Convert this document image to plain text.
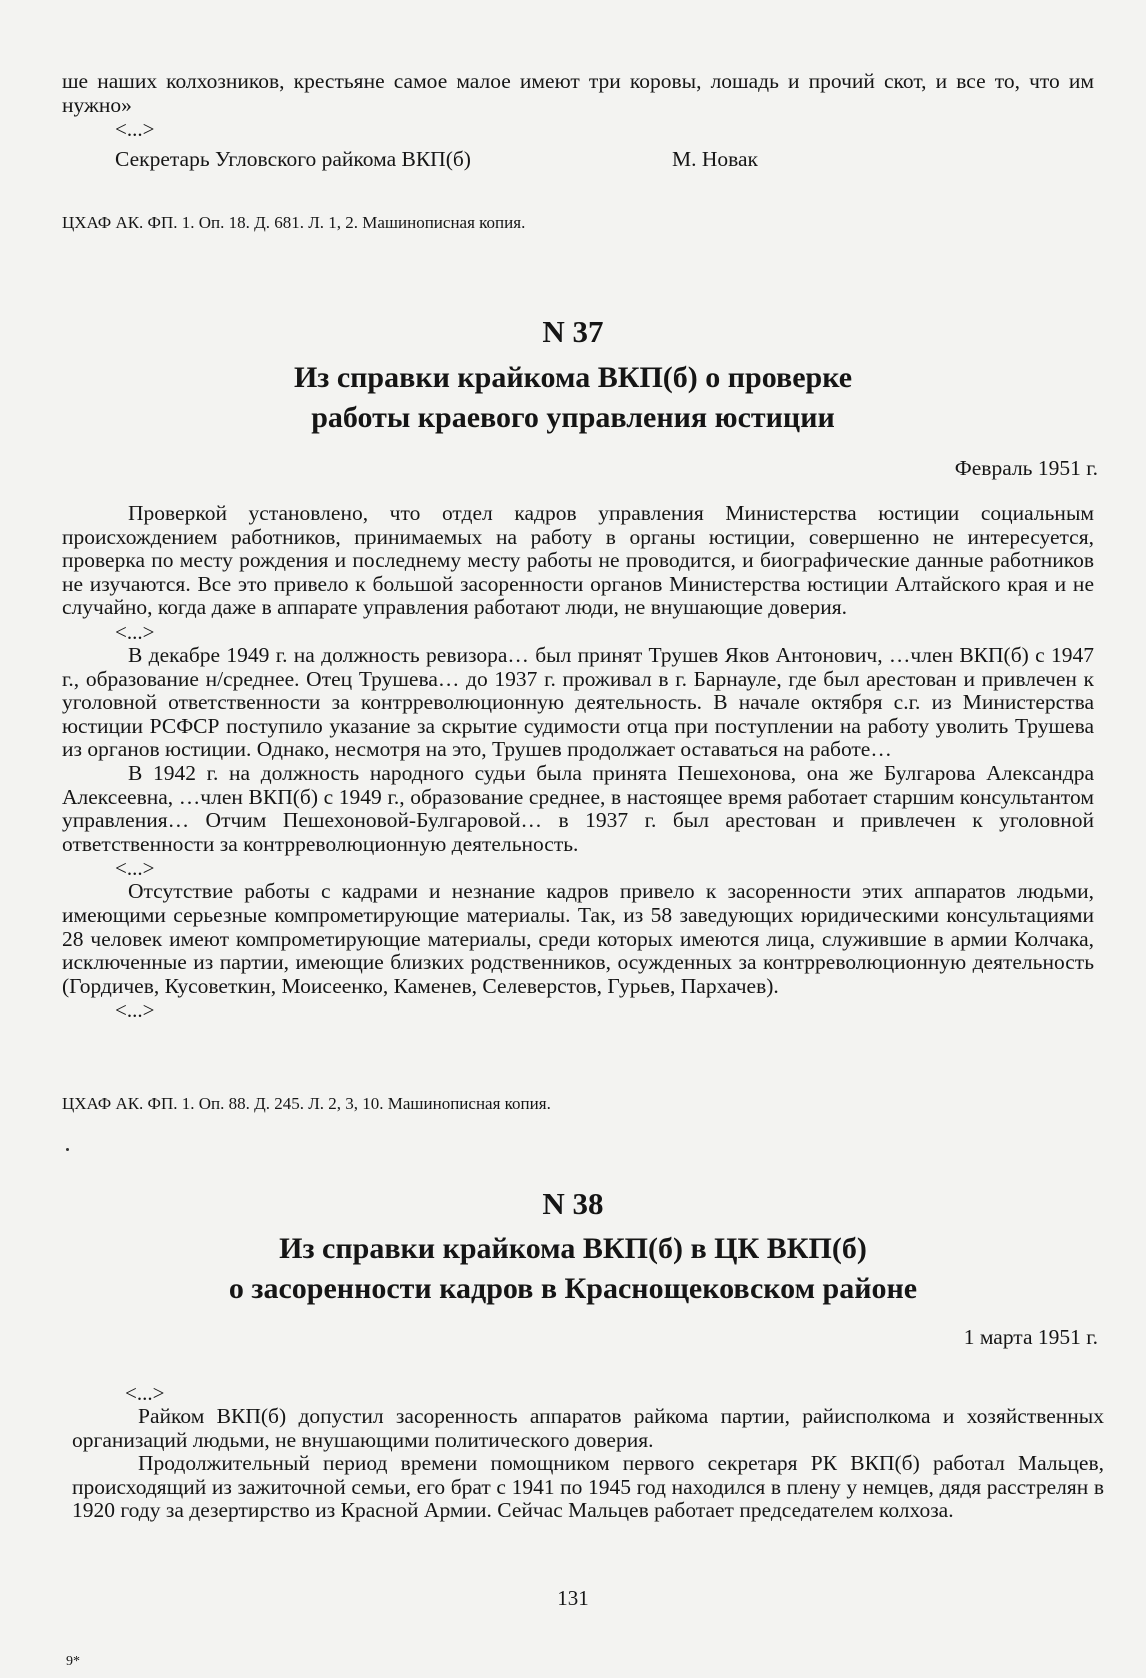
ше наших колхозников, крестьяне самое малое имеют три коровы, лошадь и прочий скот, и все то, что им нужно»

<...>

Секретарь Угловского райкома ВКП(б)	М. Новак

ЦХАФ АК. ФП. 1. Оп. 18. Д. 681. Л. 1, 2. Машинописная копия.

N 37

Из справки крайкома ВКП(б) о проверке

работы краевого управления юстиции

Февраль 1951 г.

Проверкой установлено, что отдел кадров управления Министерства юстиции социальным происхождением работников, принимаемых на работу в органы юстиции, совершенно не интересуется, проверка по месту рождения и последнему месту работы не проводится, и биографические данные работников не изучаются. Все это привело к большой засоренности органов Министерства юстиции Алтайского края и не случайно, когда даже в аппарате управления работают люди, не внушающие доверия.

<...>

В декабре 1949 г. на должность ревизора… был принят Трушев Яков Антонович, …член ВКП(б) с 1947 г., образование н/среднее. Отец Трушева… до 1937 г. проживал в г. Барнауле, где был арестован и привлечен к уголовной ответственности за контрреволюционную деятельность. В начале октября с.г. из Министерства юстиции РСФСР поступило указание за скрытие судимости отца при поступлении на работу уволить Трушева из органов юстиции. Однако, несмотря на это, Трушев продолжает оставаться на работе…

В 1942 г. на должность народного судьи была принята Пешехонова, она же Булгарова Александра Алексеевна, …член ВКП(б) с 1949 г., образование среднее, в настоящее время работает старшим консультантом управления… Отчим Пешехоновой-Булгаровой… в 1937 г. был арестован и привлечен к уголовной ответственности за контрреволюционную деятельность.

<...>

Отсутствие работы с кадрами и незнание кадров привело к засоренности этих аппаратов людьми, имеющими серьезные компрометирующие материалы. Так, из 58 заведующих юридическими консультациями 28 человек имеют компрометирующие материалы, среди которых имеются лица, служившие в армии Колчака, исключенные из партии, имеющие близких родственников, осужденных за контрреволюционную деятельность (Гордичев, Кусоветкин, Моисеенко, Каменев, Селеверстов, Гурьев, Пархачев).

<...>

ЦХАФ АК. ФП. 1. Оп. 88. Д. 245. Л. 2, 3, 10. Машинописная копия.

N 38

Из справки крайкома ВКП(б) в ЦК ВКП(б)

о засоренности кадров в Краснощековском районе

1 марта 1951 г.

<...>

Райком ВКП(б) допустил засоренность аппаратов райкома партии, райисполкома и хозяйственных организаций людьми, не внушающими политического доверия.

Продолжительный период времени помощником первого секретаря РК ВКП(б) работал Мальцев, происходящий из зажиточной семьи, его брат с 1941 по 1945 год находился в плену у немцев, дядя расстрелян в 1920 году за дезертирство из Красной Армии. Сейчас Мальцев работает председателем колхоза.

131
9*
